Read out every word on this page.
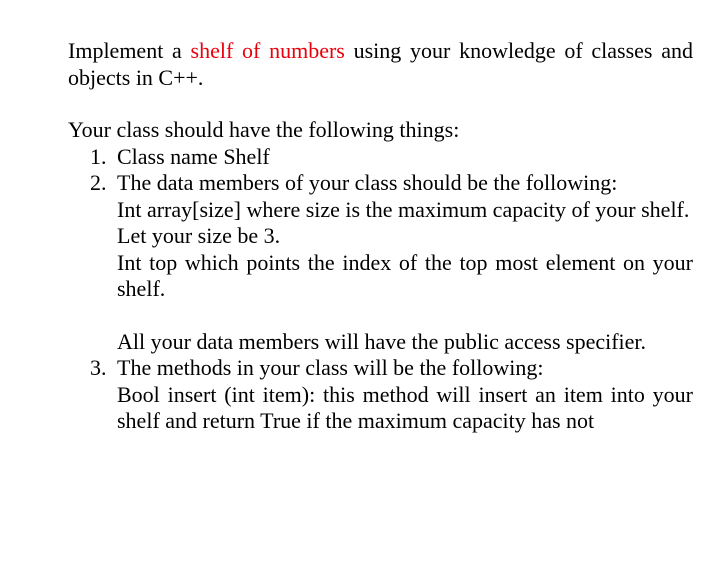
Implement a shelf of numbers using your knowledge of classes and objects in C++.

Your class should have the following things:

1. Class name Shelf
2. The data members of your class should be the following:

Int array[size] where size is the maximum capacity of your shelf.

Let your size be 3.

Int top which points the index of the top most element on your shelf.

All your data members will have the public access specifier.

3. The methods in your class will be the following:

Bool insert (int item): this method will insert an item into your shelf and return True if the maximum capacity has not
